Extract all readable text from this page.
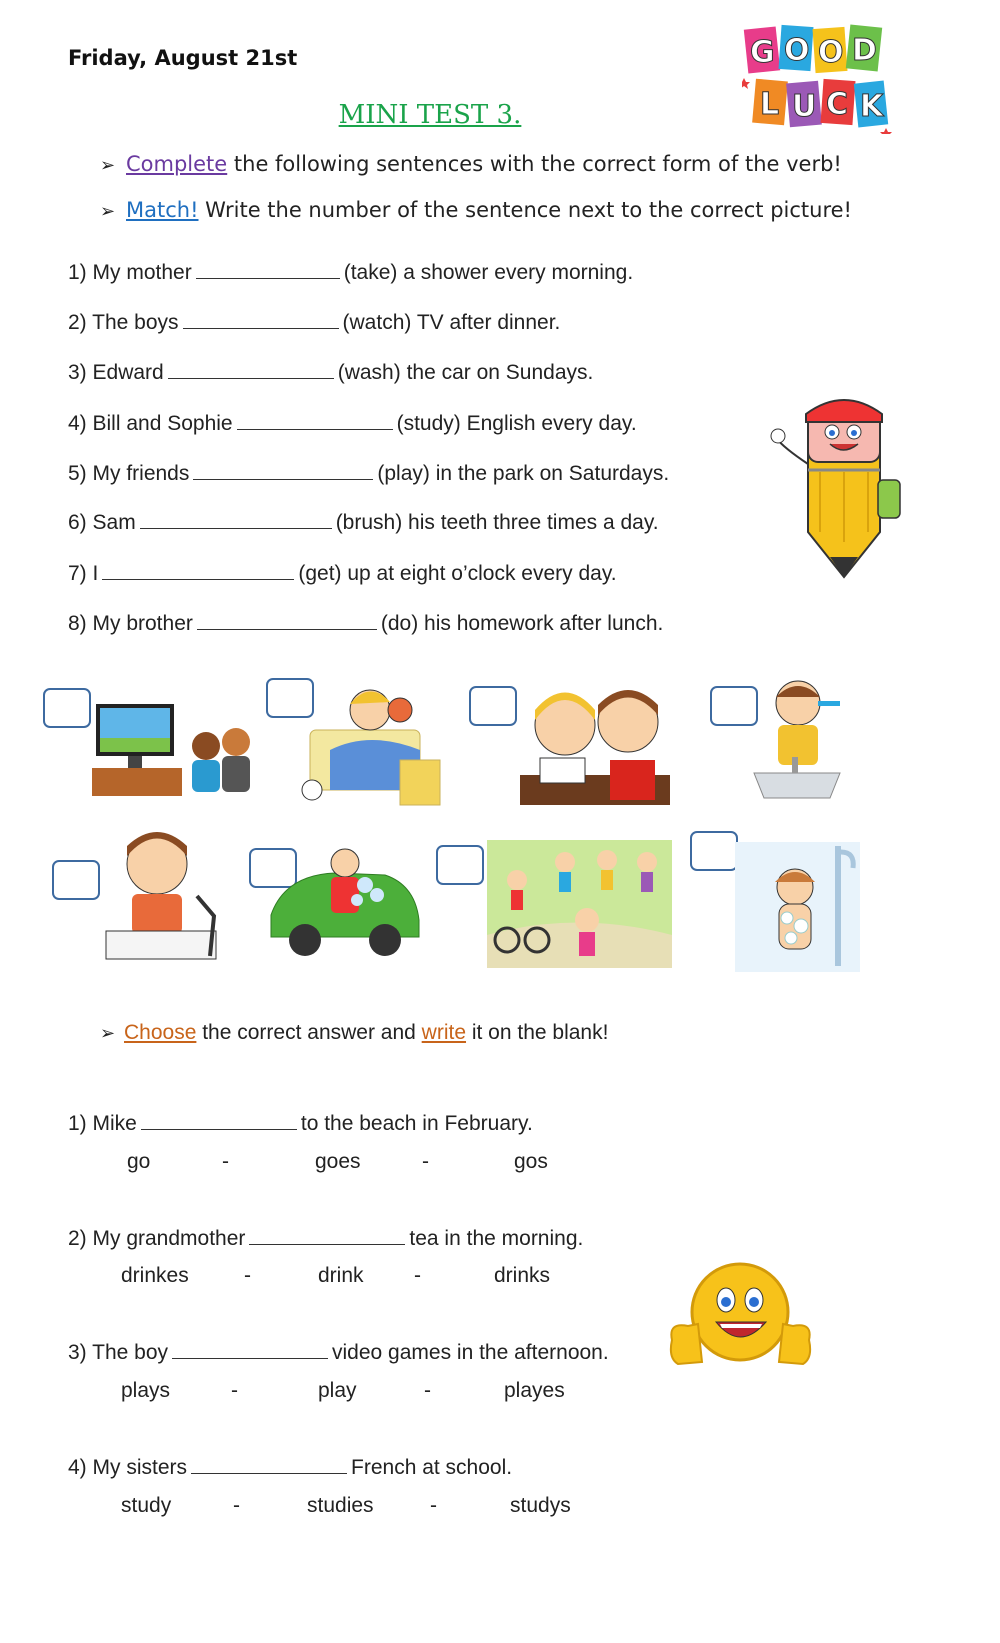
Friday, August 21st
MINI TEST 3.
G O O D
L U C K
➢ Complete the following sentences with the correct form of the verb!
➢ Match! Write the number of the sentence next to the correct picture!
1) My mother	(take) a shower every morning.
2) The boys	(watch) TV after dinner.
3) Edward	(wash) the car on Sundays.
4) Bill and Sophie	(study) English every day.
5) My friends	(play) in the park on Saturdays.
6) Sam	(brush) his teeth three times a day.
7) I	(get) up at eight o’clock every day.
8) My brother	(do) his homework after lunch.
➢ Choose the correct answer and write it on the blank!
1) Mike	to the beach in February.
go	-	goes	-	gos
2) My grandmother	tea in the morning.
drinkes	-	drink -	drinks
3) The boy	video games in the afternoon.
plays	-	play	-	playes
4) My sisters	French at school.
study	-	studies	-	studys
